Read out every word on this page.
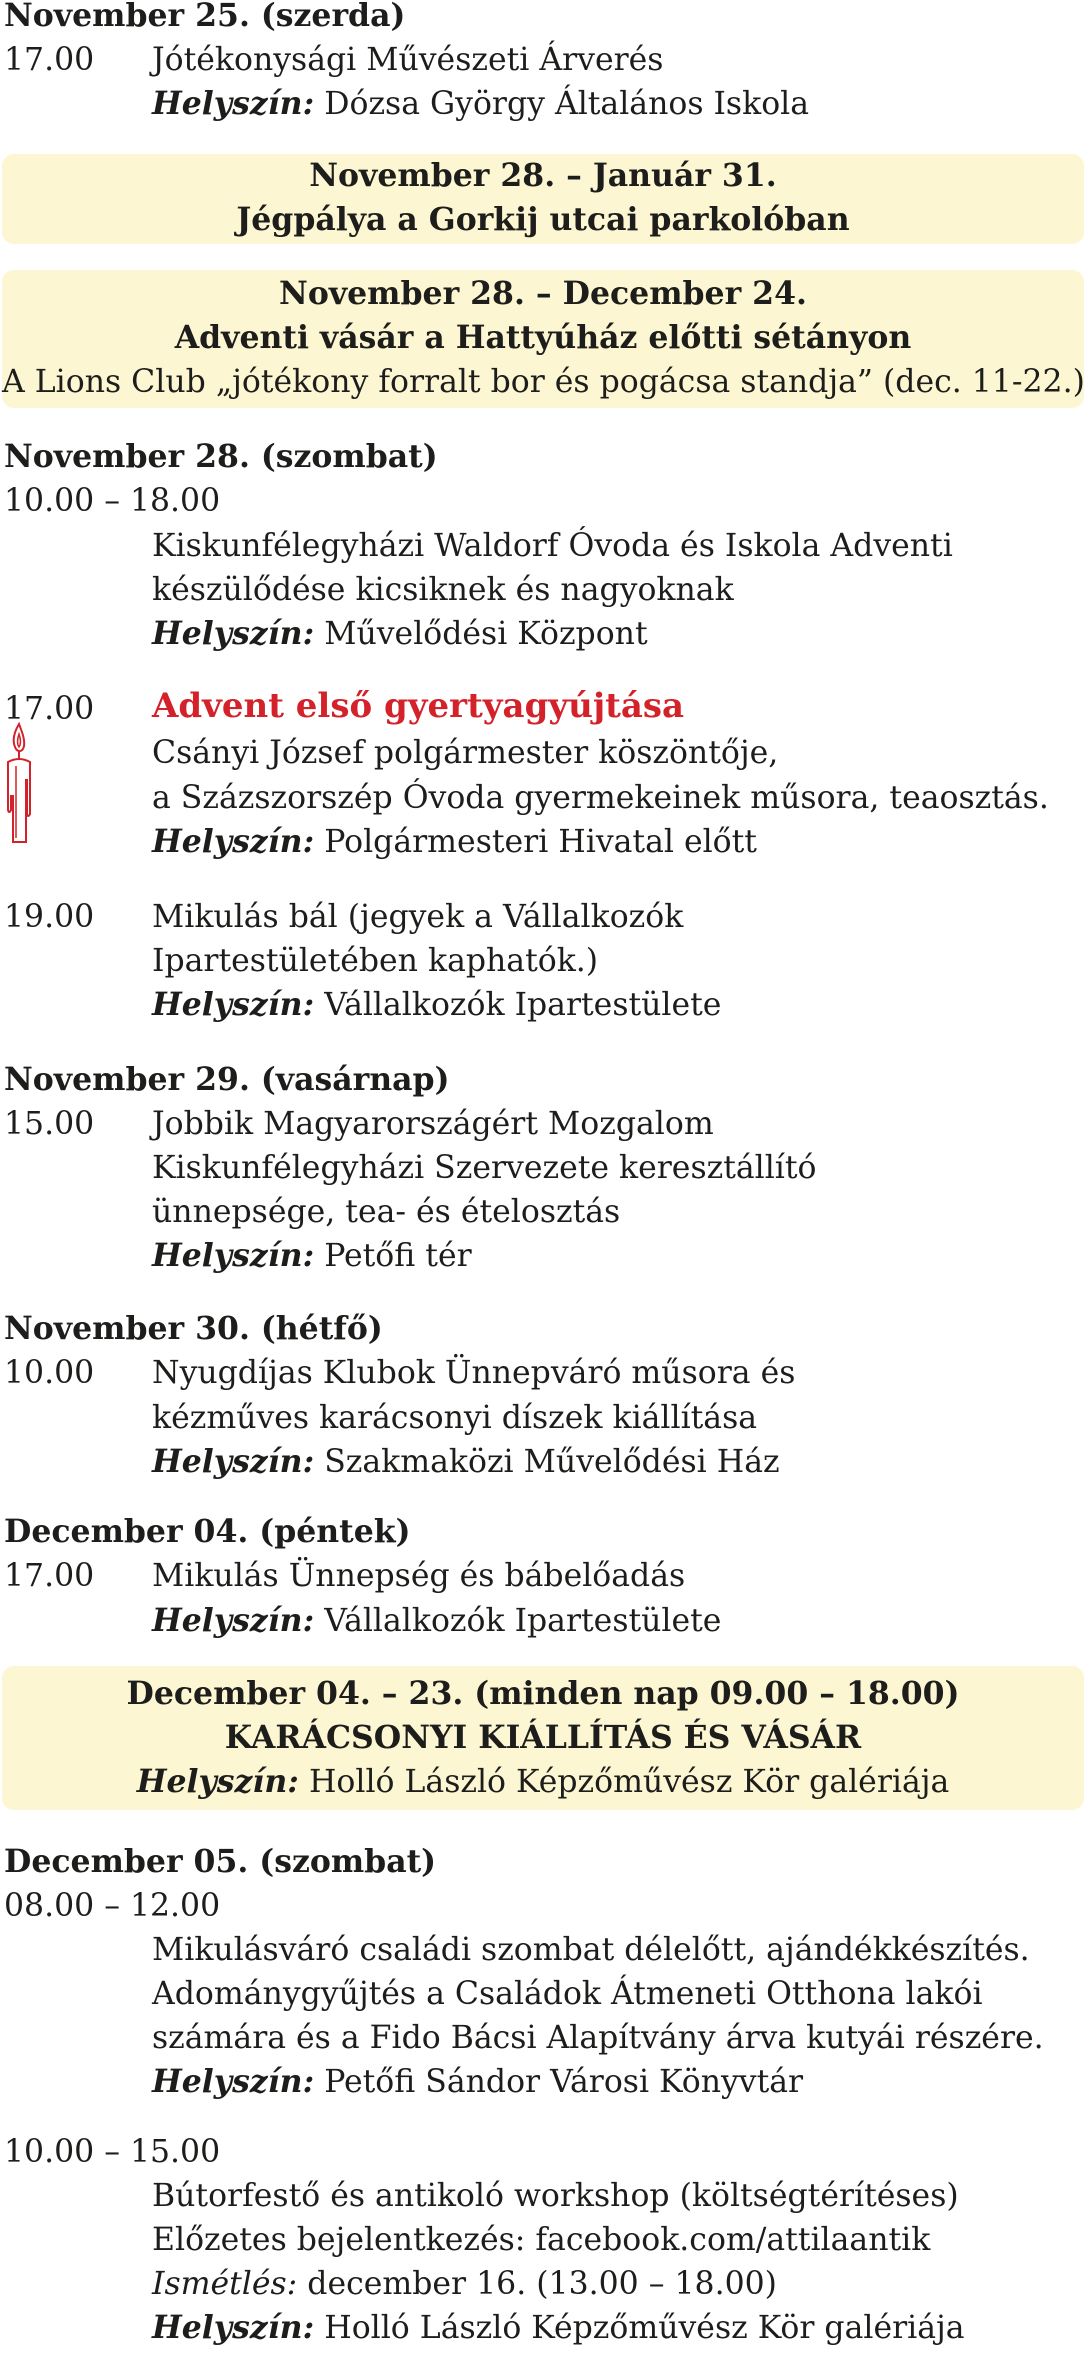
November 25. (szerda)
17.00 Jótékonysági Művészeti Árverés
Helyszín: Dózsa György Általános Iskola
November 28. – Január 31.
Jégpálya a Gorkij utcai parkolóban
November 28. – December 24.
Adventi vásár a Hattyúház előtti sétányon
A Lions Club „jótékony forralt bor és pogácsa standja” (dec. 11-22.)
November 28. (szombat)
10.00 – 18.00
Kiskunfélegyházi Waldorf Óvoda és Iskola Adventi
készülődése kicsiknek és nagyoknak
Helyszín: Művelődési Központ
17.00 Advent első gyertyagyújtása
Csányi József polgármester köszöntője,
a Százszorszép Óvoda gyermekeinek műsora, teaosztás.
Helyszín: Polgármesteri Hivatal előtt
19.00 Mikulás bál (jegyek a Vállalkozók
Ipartestületében kaphatók.)
Helyszín: Vállalkozók Ipartestülete
November 29. (vasárnap)
15.00 Jobbik Magyarországért Mozgalom
Kiskunfélegyházi Szervezete keresztállító
ünnepsége, tea- és ételosztás
Helyszín: Petőfi tér
November 30. (hétfő)
10.00 Nyugdíjas Klubok Ünnepváró műsora és
kézműves karácsonyi díszek kiállítása
Helyszín: Szakmaközi Művelődési Ház
December 04. (péntek)
17.00 Mikulás Ünnepség és bábelőadás
Helyszín: Vállalkozók Ipartestülete
December 04. – 23. (minden nap 09.00 – 18.00)
KARÁCSONYI KIÁLLÍTÁS ÉS VÁSÁR
Helyszín: Holló László Képzőművész Kör galériája
December 05. (szombat)
08.00 – 12.00
Mikulásváró családi szombat délelőtt, ajándékkészítés.
Adománygyűjtés a Családok Átmeneti Otthona lakói
számára és a Fido Bácsi Alapítvány árva kutyái részére.
Helyszín: Petőfi Sándor Városi Könyvtár
10.00 – 15.00
Bútorfestő és antikoló workshop (költségtérítéses)
Előzetes bejelentkezés: facebook.com/attilaantik
Ismétlés: december 16. (13.00 – 18.00)
Helyszín: Holló László Képzőművész Kör galériája
